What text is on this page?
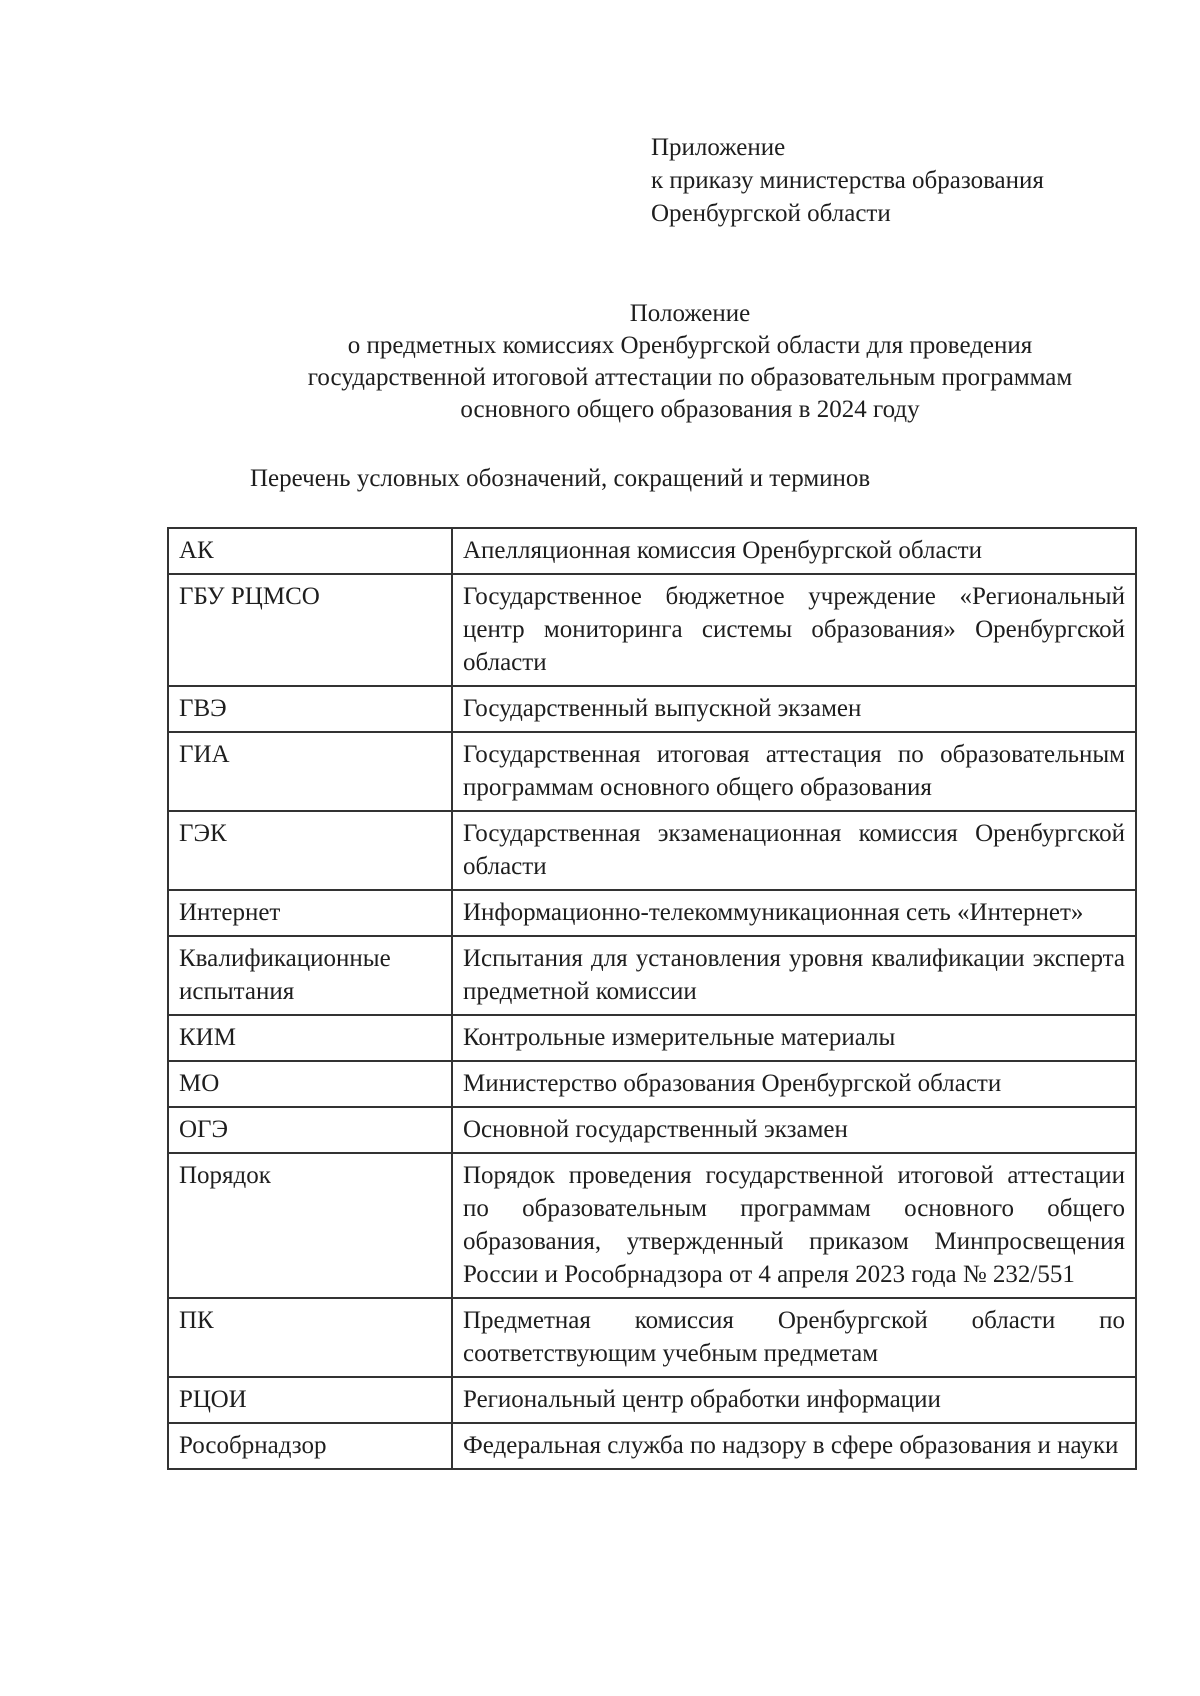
Приложение
к приказу министерства образования
Оренбургской области
Положение
о предметных комиссиях Оренбургской области для проведения
государственной итоговой аттестации по образовательным программам
основного общего образования в 2024 году
Перечень условных обозначений, сокращений и терминов
АК	Апелляционная комиссия Оренбургской области
ГБУ РЦМСО	Государственное бюджетное учреждение «Региональный центр мониторинга системы образования» Оренбургской области
ГВЭ	Государственный выпускной экзамен
ГИА	Государственная итоговая аттестация по образовательным программам основного общего образования
ГЭК	Государственная экзаменационная комиссия Оренбургской области
Интернет	Информационно-телекоммуникационная сеть «Интернет»
Квалификационные испытания	Испытания для установления уровня квалификации эксперта предметной комиссии
КИМ	Контрольные измерительные материалы
МО	Министерство образования Оренбургской области
ОГЭ	Основной государственный экзамен
Порядок	Порядок проведения государственной итоговой аттестации по образовательным программам основного общего образования, утвержденный приказом Минпросвещения России и Рособрнадзора от 4 апреля 2023 года № 232/551
ПК	Предметная комиссия Оренбургской области по соответствующим учебным предметам
РЦОИ	Региональный центр обработки информации
Рособрнадзор	Федеральная служба по надзору в сфере образования и науки
